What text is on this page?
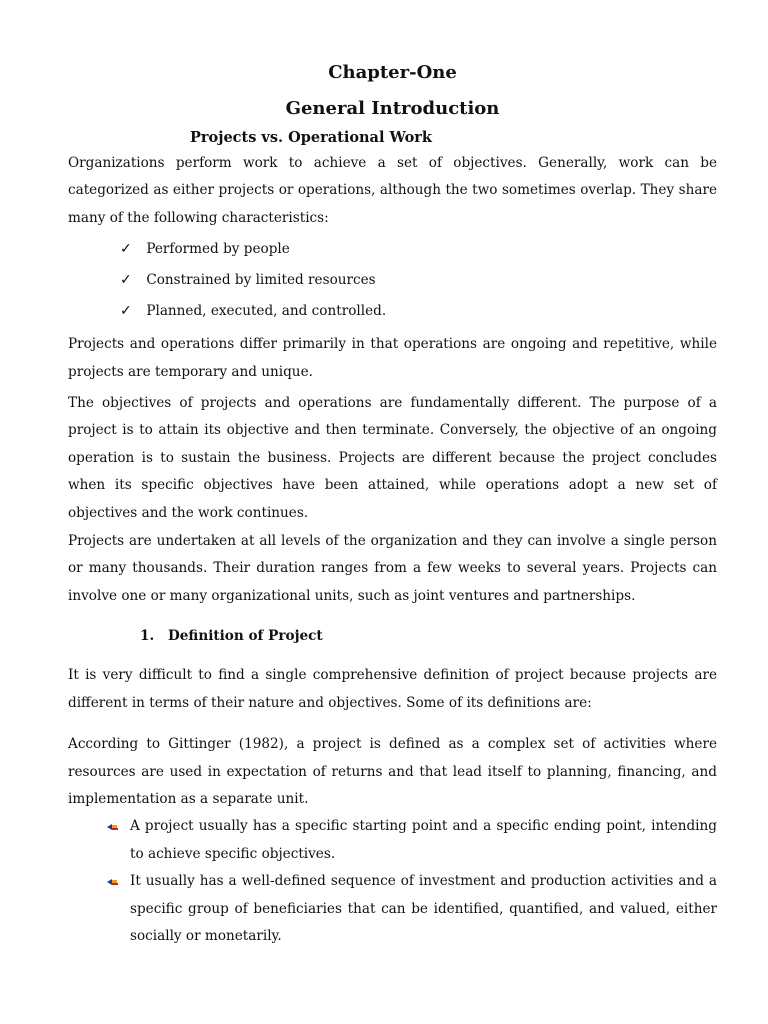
Chapter-One
General Introduction
Projects vs. Operational Work

Organizations perform work to achieve a set of objectives. Generally, work can be categorized as either projects or operations, although the two sometimes overlap. They share many of the following characteristics:

✓ Performed by people
✓ Constrained by limited resources
✓ Planned, executed, and controlled.

Projects and operations differ primarily in that operations are ongoing and repetitive, while projects are temporary and unique.

The objectives of projects and operations are fundamentally different. The purpose of a project is to attain its objective and then terminate. Conversely, the objective of an ongoing operation is to sustain the business. Projects are different because the project concludes when its specific objectives have been attained, while operations adopt a new set of objectives and the work continues.

Projects are undertaken at all levels of the organization and they can involve a single person or many thousands. Their duration ranges from a few weeks to several years. Projects can involve one or many organizational units, such as joint ventures and partnerships.

1. Definition of Project

It is very difficult to find a single comprehensive definition of project because projects are different in terms of their nature and objectives. Some of its definitions are:

According to Gittinger (1982), a project is defined as a complex set of activities where resources are used in expectation of returns and that lead itself to planning, financing, and implementation as a separate unit.

A project usually has a specific starting point and a specific ending point, intending to achieve specific objectives.
It usually has a well-defined sequence of investment and production activities and a specific group of beneficiaries that can be identified, quantified, and valued, either socially or monetarily.
